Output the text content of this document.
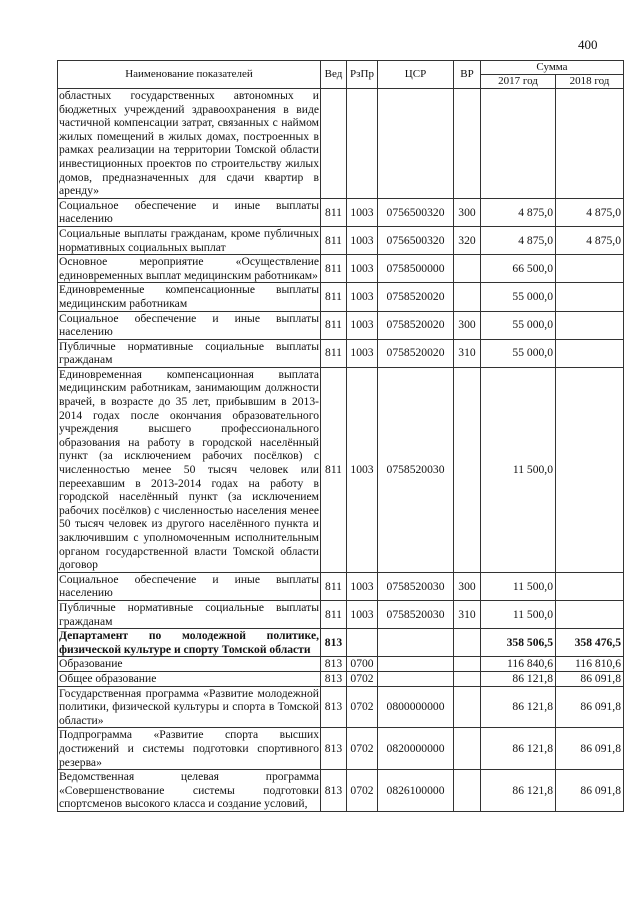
400
Наименование показателей	Вед	РзПр	ЦСР	ВР	Сумма	
					2017 год	2018 год
областных государственных автономных и бюджетных учреждений здравоохранения в виде частичной компенсации затрат, связанных с наймом жилых помещений в жилых домах, построенных в рамках реализации на территории Томской области инвестиционных проектов по строительству жилых домов, предназначенных для сдачи квартир в аренду»						
Социальное обеспечение и иные выплаты населению	811	1003	0756500320	300	4 875,0	4 875,0
Социальные выплаты гражданам, кроме публичных нормативных социальных выплат	811	1003	0756500320	320	4 875,0	4 875,0
Основное мероприятие «Осуществление единовременных выплат медицинским работникам»	811	1003	0758500000		66 500,0	
Единовременные компенсационные выплаты медицинским работникам	811	1003	0758520020		55 000,0	
Социальное обеспечение и иные выплаты населению	811	1003	0758520020	300	55 000,0	
Публичные нормативные социальные выплаты гражданам	811	1003	0758520020	310	55 000,0	
Единовременная компенсационная выплата медицинским работникам, занимающим должности врачей, в возрасте до 35 лет, прибывшим в 2013-2014 годах после окончания образовательного учреждения высшего профессионального образования на работу в городской населённый пункт (за исключением рабочих посёлков) с численностью менее 50 тысяч человек или переехавшим в 2013-2014 годах на работу в городской населённый пункт (за исключением рабочих посёлков) с численностью населения менее 50 тысяч человек из другого населённого пункта и заключившим с уполномоченным исполнительным органом государственной власти Томской области договор	811	1003	0758520030		11 500,0	
Социальное обеспечение и иные выплаты населению	811	1003	0758520030	300	11 500,0	
Публичные нормативные социальные выплаты гражданам	811	1003	0758520030	310	11 500,0	
Департамент по молодежной политике, физической культуре и спорту Томской области	813				358 506,5	358 476,5
Образование	813	0700			116 840,6	116 810,6
Общее образование	813	0702			86 121,8	86 091,8
Государственная программа «Развитие молодежной политики, физической культуры и спорта в Томской области»	813	0702	0800000000		86 121,8	86 091,8
Подпрограмма «Развитие спорта высших достижений и системы подготовки спортивного резерва»	813	0702	0820000000		86 121,8	86 091,8
Ведомственная целевая программа «Совершенствование системы подготовки спортсменов высокого класса и создание условий,	813	0702	0826100000		86 121,8	86 091,8
